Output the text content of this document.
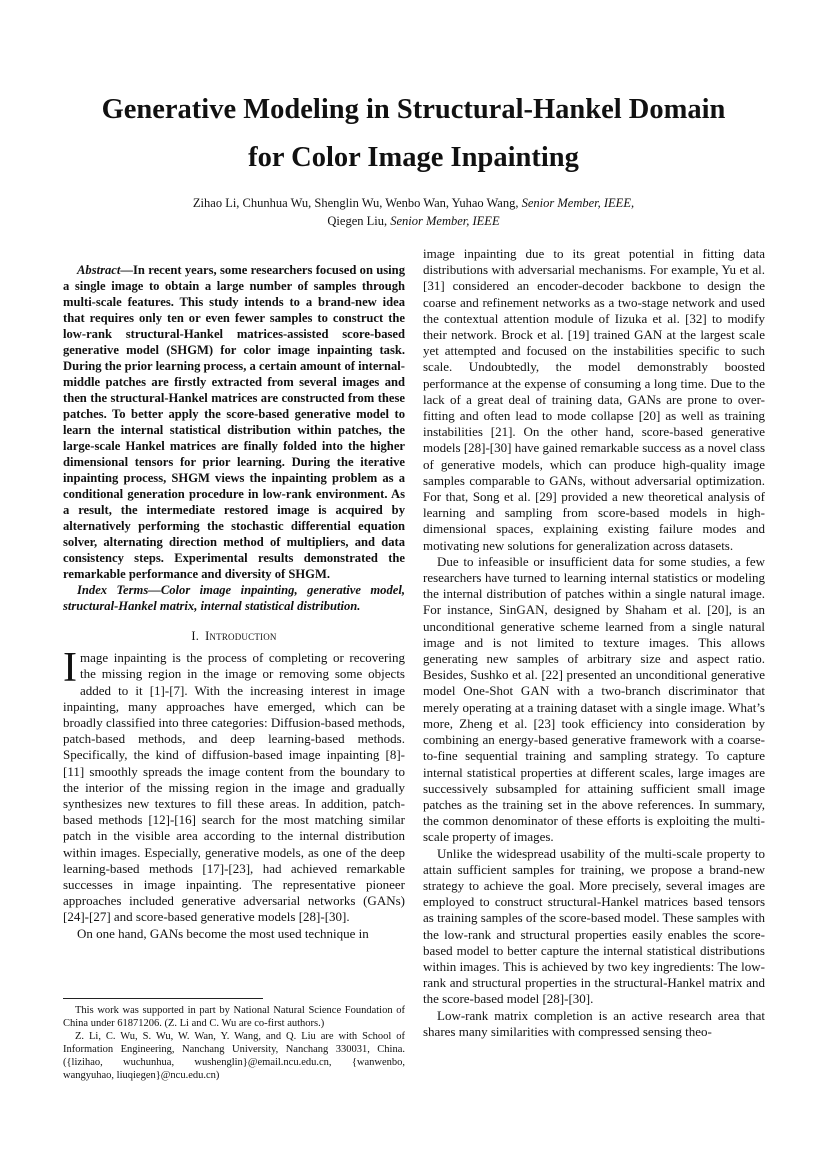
Generative Modeling in Structural-Hankel Domain
for Color Image Inpainting
Zihao Li, Chunhua Wu, Shenglin Wu, Wenbo Wan, Yuhao Wang, Senior Member, IEEE,
Qiegen Liu, Senior Member, IEEE

Abstract—In recent years, some researchers focused on using a single image to obtain a large number of samples through multi-scale features. This study intends to a brand-new idea that requires only ten or even fewer samples to construct the low-rank structural-Hankel matrices-assisted score-based generative model (SHGM) for color image inpainting task. During the prior learning process, a certain amount of internal-middle patches are firstly extracted from several images and then the structural-Hankel matrices are constructed from these patches. To better apply the score-based generative model to learn the internal statistical distribution within patches, the large-scale Hankel matrices are finally folded into the higher dimensional tensors for prior learning. During the iterative inpainting process, SHGM views the inpainting problem as a conditional generation procedure in low-rank environment. As a result, the intermediate restored image is acquired by alternatively performing the stochastic differential equation solver, alternating direction method of multipliers, and data consistency steps. Experimental results demonstrated the remarkable performance and diversity of SHGM.

Index Terms—Color image inpainting, generative model, structural-Hankel matrix, internal statistical distribution.

I. Introduction

Image inpainting is the process of completing or recovering the missing region in the image or removing some objects added to it [1]-[7]. With the increasing interest in image inpainting, many approaches have emerged, which can be broadly classified into three categories: Diffusion-based methods, patch-based methods, and deep learning-based methods. Specifically, the kind of diffusion-based image inpainting [8]-[11] smoothly spreads the image content from the boundary to the interior of the missing region in the image and gradually synthesizes new textures to fill these areas. In addition, patch-based methods [12]-[16] search for the most matching similar patch in the visible area according to the internal distribution within images. Especially, generative models, as one of the deep learning-based methods [17]-[23], had achieved remarkable successes in image inpainting. The representative pioneer approaches included generative adversarial networks (GANs) [24]-[27] and score-based generative models [28]-[30].

On one hand, GANs become the most used technique in

This work was supported in part by National Natural Science Foundation of China under 61871206. (Z. Li and C. Wu are co-first authors.)

Z. Li, C. Wu, S. Wu, W. Wan, Y. Wang, and Q. Liu are with School of Information Engineering, Nanchang University, Nanchang 330031, China. ({lizihao, wuchunhua, wushenglin}@email.ncu.edu.cn, {wanwenbo, wangyuhao, liuqiegen}@ncu.edu.cn)

image inpainting due to its great potential in fitting data distributions with adversarial mechanisms. For example, Yu et al. [31] considered an encoder-decoder backbone to design the coarse and refinement networks as a two-stage network and used the contextual attention module of Iizuka et al. [32] to modify their network. Brock et al. [19] trained GAN at the largest scale yet attempted and focused on the instabilities specific to such scale. Undoubtedly, the model demonstrably boosted performance at the expense of consuming a long time. Due to the lack of a great deal of training data, GANs are prone to over-fitting and often lead to mode collapse [20] as well as training instabilities [21]. On the other hand, score-based generative models [28]-[30] have gained remarkable success as a novel class of generative models, which can produce high-quality image samples comparable to GANs, without adversarial optimization. For that, Song et al. [29] provided a new theoretical analysis of learning and sampling from score-based models in high-dimensional spaces, explaining existing failure modes and motivating new solutions for generalization across datasets.

Due to infeasible or insufficient data for some studies, a few researchers have turned to learning internal statistics or modeling the internal distribution of patches within a single natural image. For instance, SinGAN, designed by Shaham et al. [20], is an unconditional generative scheme learned from a single natural image and is not limited to texture images. This allows generating new samples of arbitrary size and aspect ratio. Besides, Sushko et al. [22] presented an unconditional generative model One-Shot GAN with a two-branch discriminator that merely operating at a training dataset with a single image. What’s more, Zheng et al. [23] took efficiency into consideration by combining an energy-based generative framework with a coarse-to-fine sequential training and sampling strategy. To capture internal statistical properties at different scales, large images are successively subsampled for attaining sufficient small image patches as the training set in the above references. In summary, the common denominator of these efforts is exploiting the multi-scale property of images.

Unlike the widespread usability of the multi-scale property to attain sufficient samples for training, we propose a brand-new strategy to achieve the goal. More precisely, several images are employed to construct structural-Hankel matrices based tensors as training samples of the score-based model. These samples with the low-rank and structural properties easily enables the score-based model to better capture the internal statistical distributions within images. This is achieved by two key ingredients: The low-rank and structural properties in the structural-Hankel matrix and the score-based model [28]-[30].

Low-rank matrix completion is an active research area that shares many similarities with compressed sensing theo-
